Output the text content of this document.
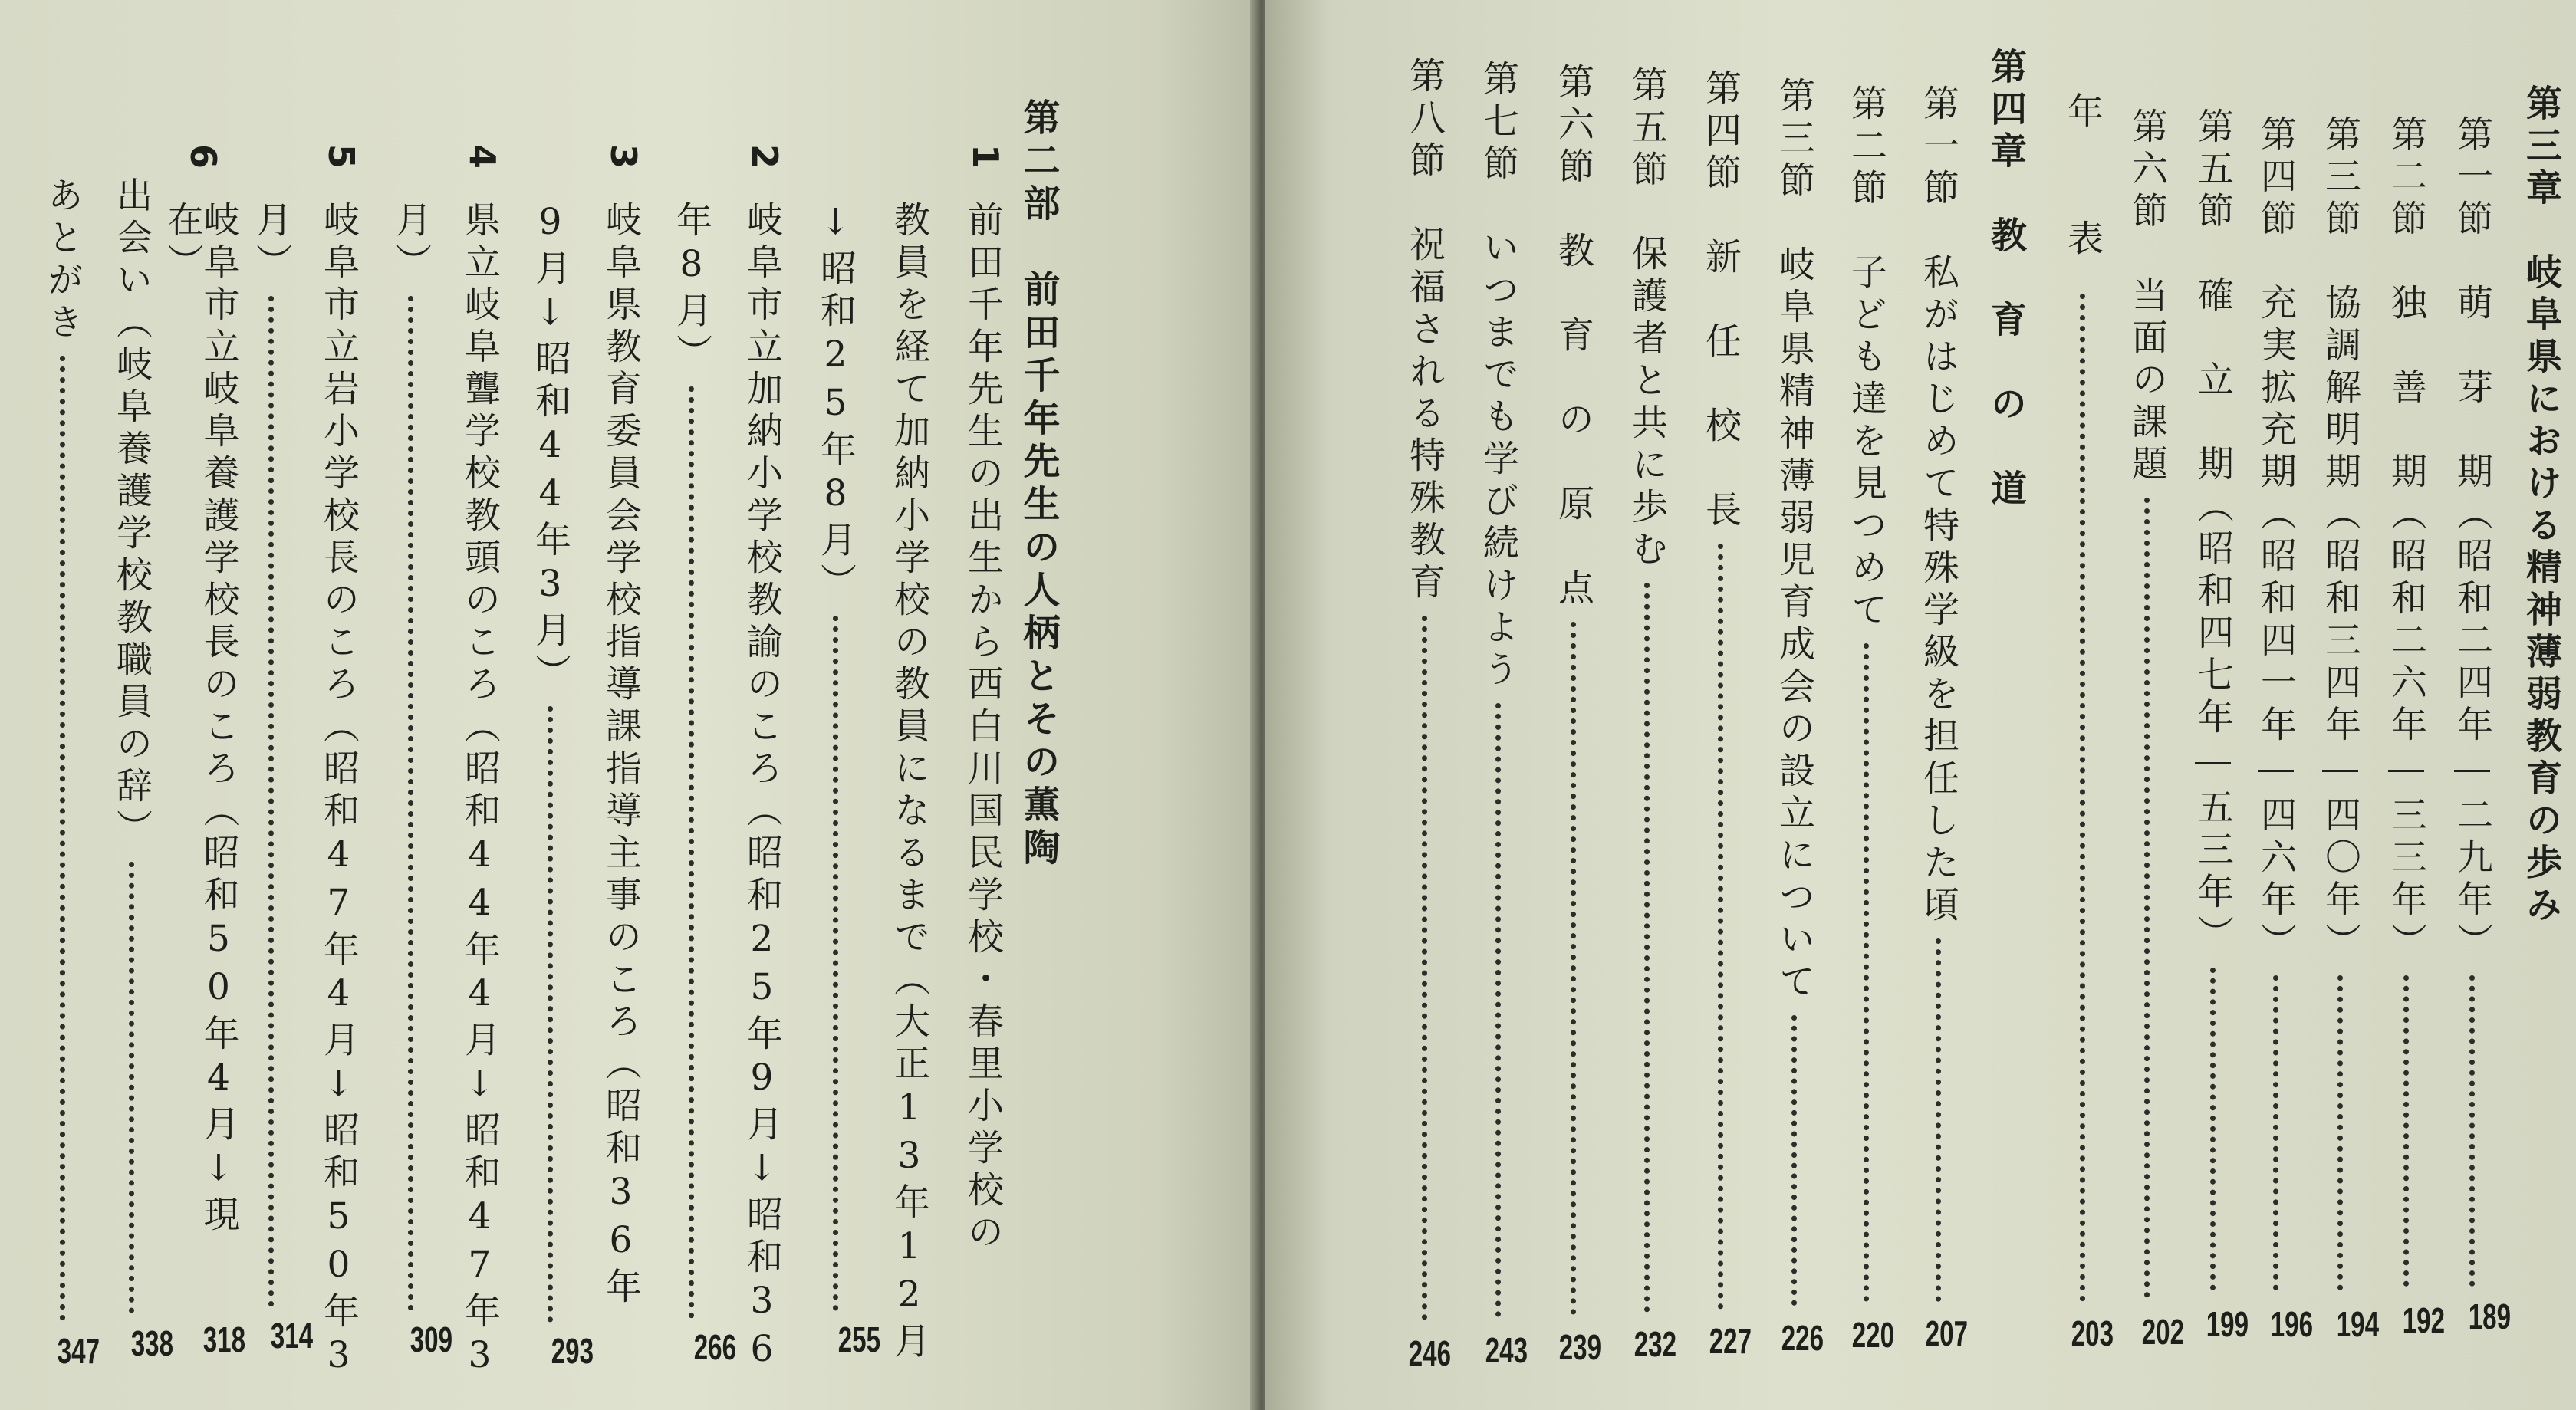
第二部　前田千年先生の人柄とその薫陶
1
前田千年先生の出生から西白川国民学校・春里小学校の
教員を経て加納小学校の教員になるまで（大正13年12月
↓昭和25年8月）
255
2
岐阜市立加納小学校教諭のころ（昭和25年9月↓昭和36
年8月）
266
3
岐阜県教育委員会学校指導課指導主事のころ（昭和36年
9月↓昭和44年3月）
293
4
県立岐阜聾学校教頭のころ（昭和44年4月↓昭和47年3
月）
309
5
岐阜市立岩小学校長のころ（昭和47年4月↓昭和50年3
月）
314
6
岐阜市立岐阜養護学校長のころ（昭和50年4月↓現在）
318
出会い（岐阜養護学校教職員の辞）
338
あとがき
347
第三章　岐阜県における精神薄弱教育の歩み
第一節　萌　芽　期（昭和二四年―二九年）
189
第二節　独　善　期（昭和二六年―三三年）
192
第三節　協調解明期（昭和三四年―四〇年）
194
第四節　充実拡充期（昭和四一年―四六年）
196
第五節　確　立　期（昭和四七年―五三年）
199
第六節　当面の課題
202
年　表
203
第四章　教　育　の　道
第一節　私がはじめて特殊学級を担任した頃
207
第二節　子ども達を見つめて
220
第三節　岐阜県精神薄弱児育成会の設立について
226
第四節　新　任　校　長
227
第五節　保護者と共に歩む
232
第六節　教　育　の　原　点
239
第七節　いつまでも学び続けよう
243
第八節　祝福される特殊教育
246
